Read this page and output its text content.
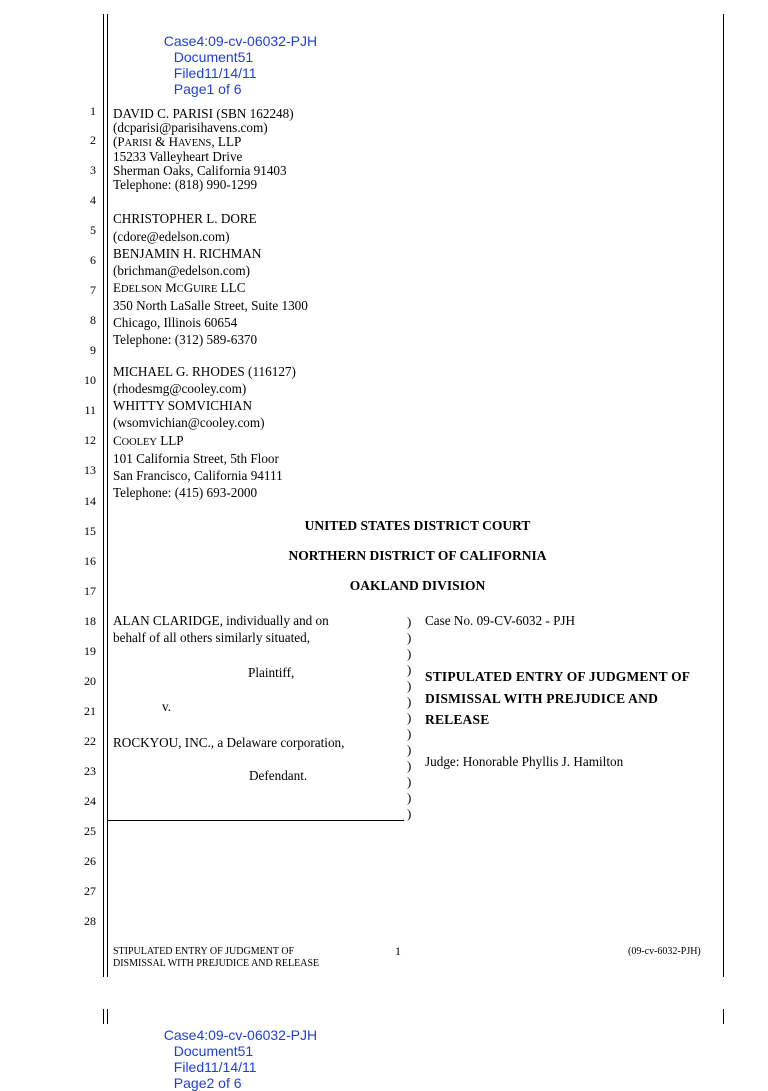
Case4:09-cv-06032-PJH
Document51
Filed11/14/11
Page1 of 6

1
2
3
4
5
6
7
8
9
10
11
12
13
14
15
16
17
18
19
20
21
22
23
24
25
26
27
28
DAVID C. PARISI (SBN 162248)
(dcparisi@parisihavens.com)
(PARISI & HAVENS, LLP
15233 Valleyheart Drive
Sherman Oaks, California 91403
Telephone: (818) 990-1299
CHRISTOPHER L. DORE
(cdore@edelson.com)
BENJAMIN H. RICHMAN
(brichman@edelson.com)
EDELSON MCGUIRE LLC
350 North LaSalle Street, Suite 1300
Chicago, Illinois 60654
Telephone: (312) 589-6370
MICHAEL G. RHODES (116127)
(rhodesmg@cooley.com)
WHITTY SOMVICHIAN
(wsomvichian@cooley.com)
COOLEY LLP
101 California Street, 5th Floor
San Francisco, California 94111
Telephone: (415) 693-2000
UNITED STATES DISTRICT COURT
NORTHERN DISTRICT OF CALIFORNIA
OAKLAND DIVISION
ALAN CLARIDGE, individually and on
behalf of all others similarly situated,
Plaintiff,
v.
ROCKYOU, INC., a Delaware corporation,
Defendant.
)
)
)
)
)
)
)
)
)
)
)
)
)
Case No. 09-CV-6032 - PJH
STIPULATED ENTRY OF JUDGMENT OF
DISMISSAL WITH PREJUDICE AND
RELEASE
Judge: Honorable Phyllis J. Hamilton
STIPULATED ENTRY OF JUDGMENT OF
DISMISSAL WITH PREJUDICE AND RELEASE
1	(09-cv-6032-PJH)

Case4:09-cv-06032-PJH
Document51
Filed11/14/11
Page2 of 6
